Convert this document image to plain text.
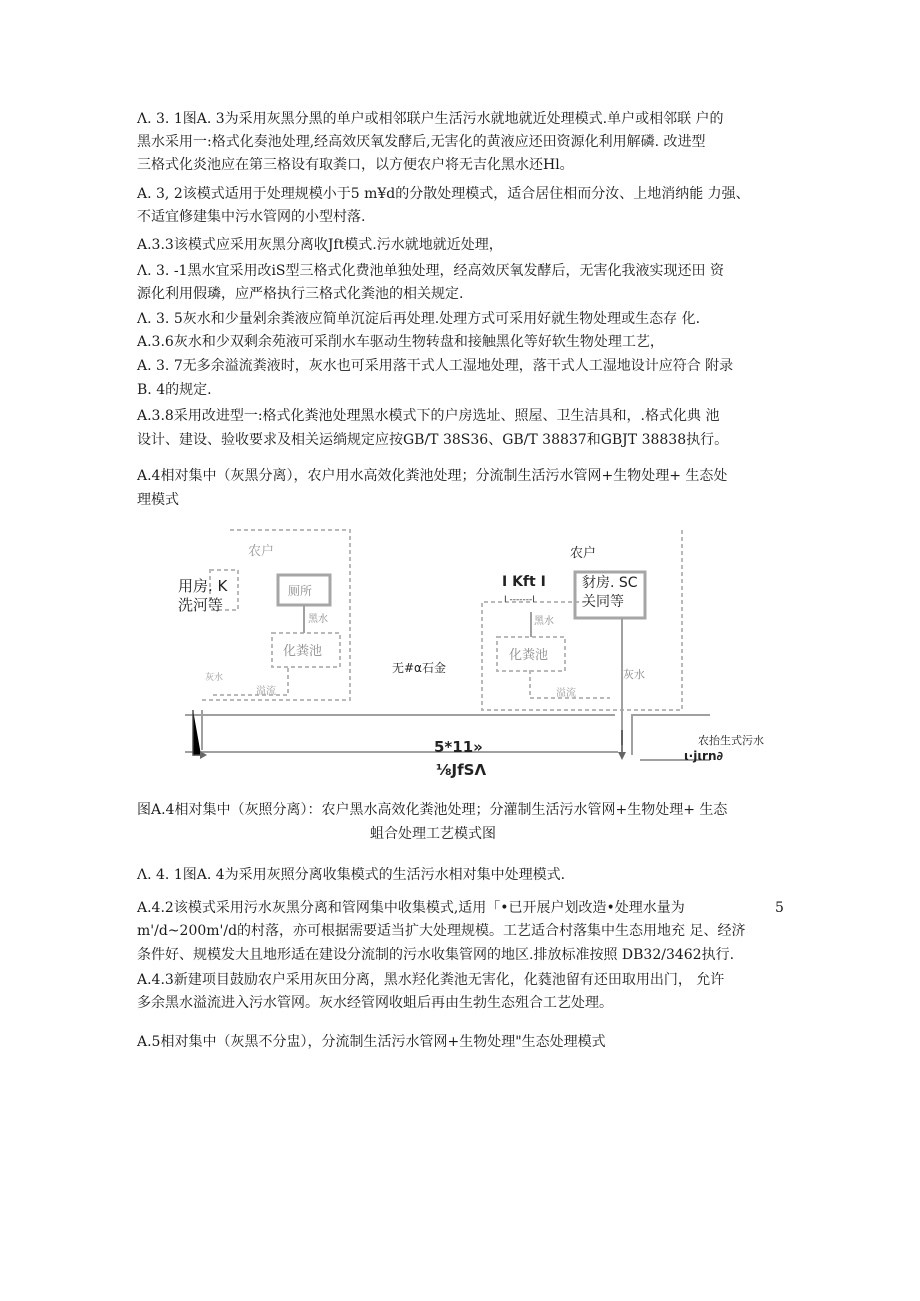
Λ. 3. 1图A. 3为采用灰黑分黑的单户或相邻联户生活污水就地就近处理模式.单户或相邻联 户的
黑水采用一:格式化奏池处理,经高效厌氧发酵后,无害化的黄液应还田资源化利用解磷. 改进型
三格式化炎池应在第三格设有取粪口，以方便农户将无吉化黑水还Hl。
A. 3, 2该模式适用于处理规模小于5 m¥d的分散处理模式，适合居住相而分汝、上地消纳能 力强、
不适宜修建集中污水管网的小型村落.
A.3.3该模式应采用灰黑分离收Jft模式.污水就地就近处理，
Λ. 3. -1黑水宜采用改iS型三格式化费池单独处理，经高效厌氧发酵后，无害化我液实现还田 资
源化利用假璘，应严格执行三格式化粪池的相关规定.
Λ. 3. 5灰水和少量剁余粪液应简单沉淀后再处理.处理方式可采用好就生物处理或生态存 化.
A.3.6灰水和少双剩余苑液可采削水车驱动生物转盘和接触黑化等好软生物处理工艺，
A. 3. 7无多余溢流粪液时，灰水也可采用落干式人工湿地处理，落干式人工湿地设计应符合 附录
B. 4的规定.
A.3.8采用改进型一:格式化粪池处理黑水模式下的户房选址、照屋、卫生洁具和，.格式化典 池
设计、建设、验收要求及相关运绱规定应按GB/T 38S36、GB/T 38837和GBJT 38838执行。
A.4相对集中（灰黑分离），农户用水高效化粪池处理；分流制生活污水管网+生物处理+ 生态处
理模式
农户
用房. K
洗河等
厕所
黑水
化粪池
灰水
溢流
无#α石金
5*11»
⅛JfSΛ
农户
I Kft I
I -------I
豺房. SC
关同等
黑水
化粪池
灰水
溢流
农抬生式污水
ι·jιrn∂
图A.4相对集中（灰照分离）：农户黑水高效化粪池处理；分灌制生活污水管网+生物处理+ 生态
蛆合处理工艺模式图
Λ. 4. 1图A. 4为采用灰照分离收集模式的生活污水相对集中处理模式.
A.4.2该模式采用污水灰黑分离和管网集中收集模式,适用「•已开展户划改造•处理水量为	5
m'/d~200m'/d的村落，亦可根据需要适当扩大处理规模。工艺适合村落集中生态用地充 足、经济
条件好、规模发大且地形适在建设分流制的污水收集管网的地区.排放标准按照 DB32/3462执行.
A.4.3新建项目鼓励农户采用灰田分离，黑水羟化粪池无害化，化蕤池留有还田取用出门， 允许
多余黑水溢流进入污水管网。灰水经管网收蛆后再由生勃生态殂合工艺处理。
A.5相对集中（灰黑不分盅），分流制生活污水管网+生物处理"生态处理模式
